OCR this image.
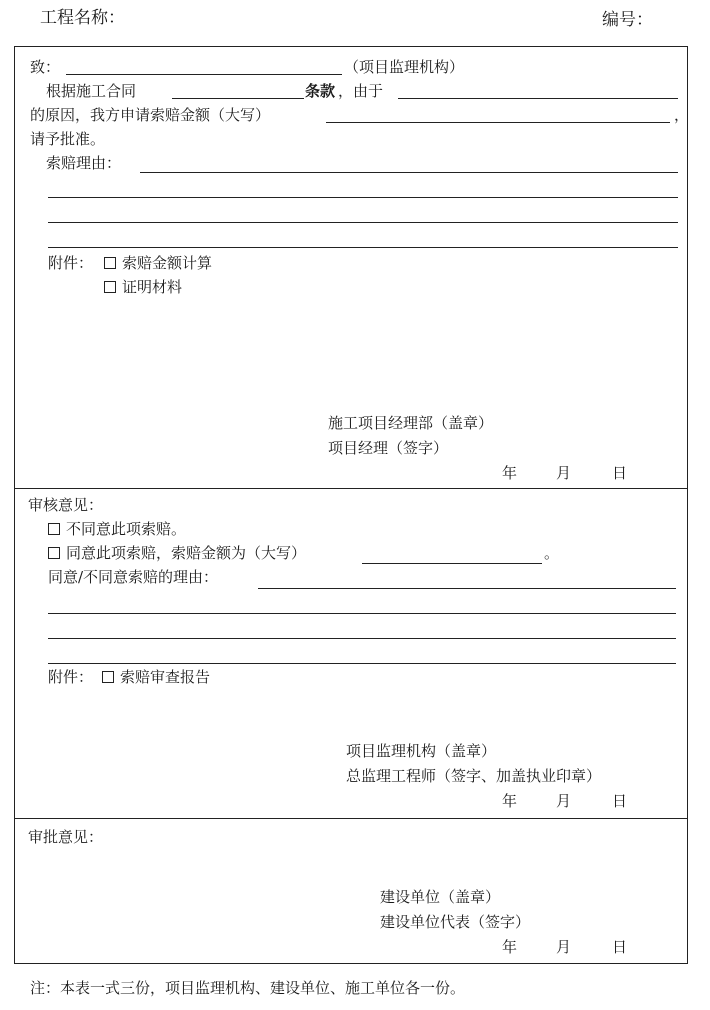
工程名称：	编号：
致：	（项目监理机构）
根据施工合同	条款 ，由于
的原因，我方申请索赔金额（大写）	，
请予批准。
索赔理由：
附件：	索赔金额计算
证明材料
施工项目经理部（盖章）
项目经理（签字）
年	月	日
审核意见：
不同意此项索赔。
同意此项索赔，索赔金额为（大写）	。
同意/不同意索赔的理由：
附件：	索赔审查报告
项目监理机构（盖章）
总监理工程师（签字、加盖执业印章）
年	月	日
审批意见：
建设单位（盖章）
建设单位代表（签字）
年	月	日
注：本表一式三份，项目监理机构、建设单位、施工单位各一份。
